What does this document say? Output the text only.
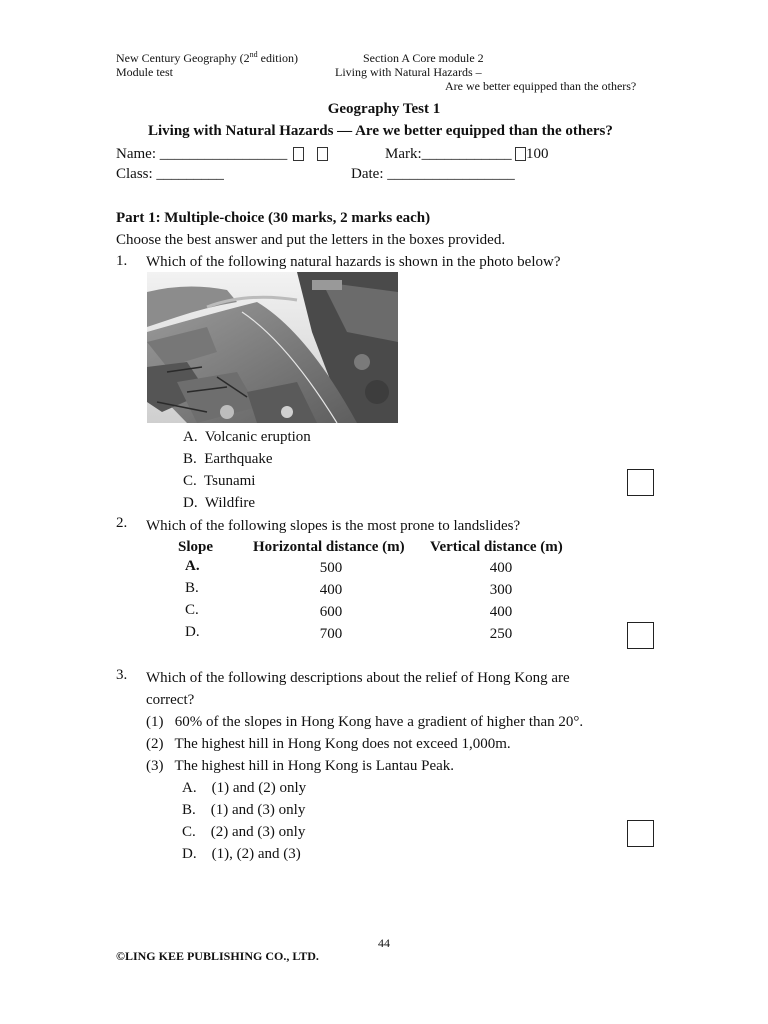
New Century Geography (2nd edition)
Module test
Section A Core module 2
Living with Natural Hazards –
Are we better equipped than the others?
Geography Test 1
Living with Natural Hazards — Are we better equipped than the others?
Name: _________________	Mark:____________ 100
Class: _________	Date: _________________
Part 1: Multiple-choice (30 marks, 2 marks each)
Choose the best answer and put the letters in the boxes provided.
1. Which of the following natural hazards is shown in the photo below?
A. Volcanic eruption
B. Earthquake
C. Tsunami
D. Wildfire
2. Which of the following slopes is the most prone to landslides?
Slope	Horizontal distance (m) Vertical distance (m)
A.	500	400
B.	400	300
C.	600	400
D.	700	250
3. Which of the following descriptions about the relief of Hong Kong are
correct?
(1) 60% of the slopes in Hong Kong have a gradient of higher than 20°.
(2) The highest hill in Hong Kong does not exceed 1,000m.
(3) The highest hill in Hong Kong is Lantau Peak.
A. (1) and (2) only
B. (1) and (3) only
C. (2) and (3) only
D. (1), (2) and (3)
44
©LING KEE PUBLISHING CO., LTD.
